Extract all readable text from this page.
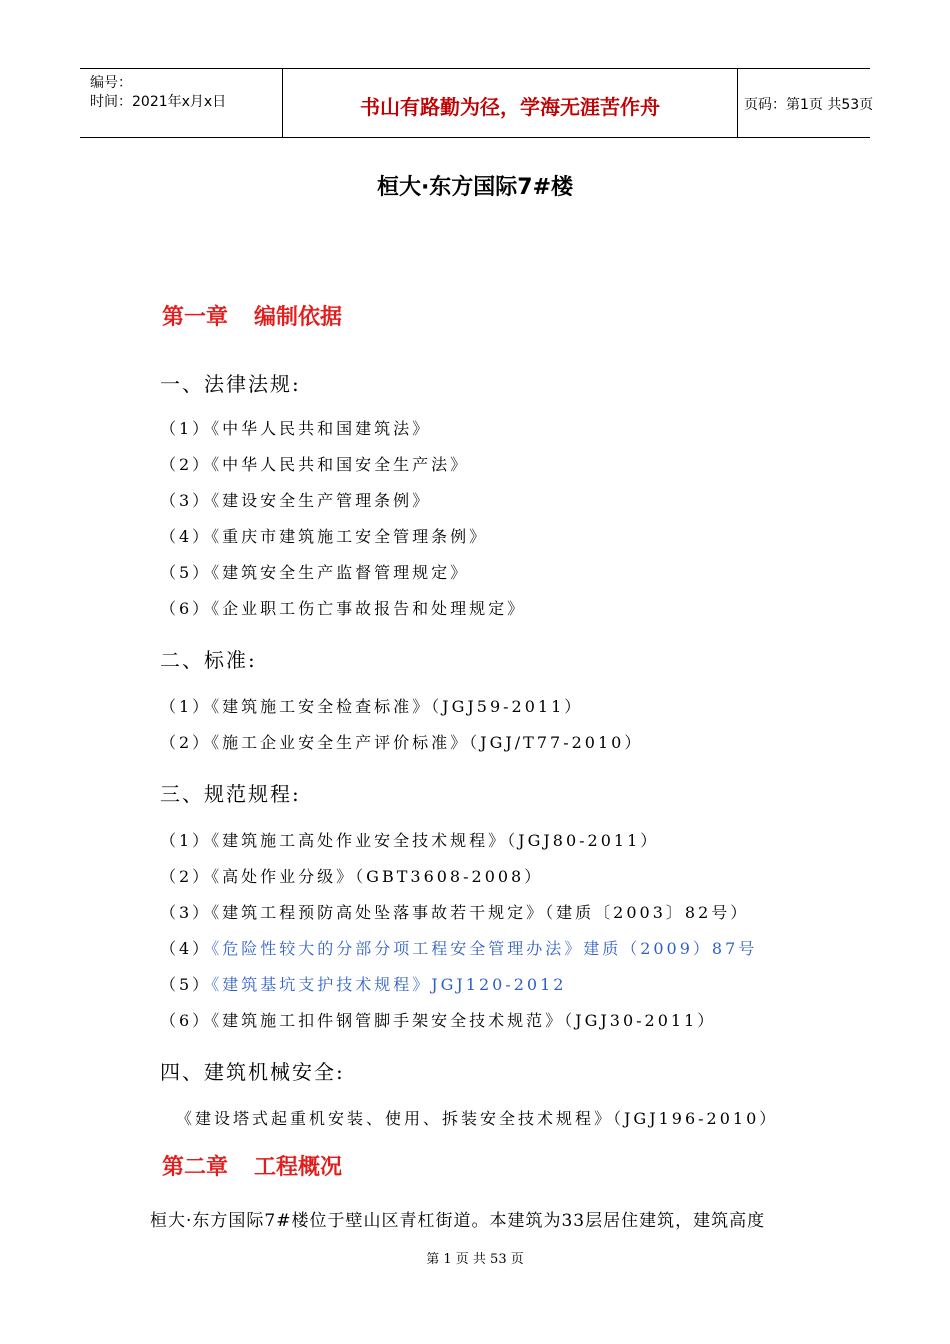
编号：
时间：2021年x月x日	书山有路勤为径，学海无涯苦作舟	页码：第1页 共53页
桓大·东方国际7#楼
第一章 编制依据
一、法律法规:
（1）《中华人民共和国建筑法》
（2）《中华人民共和国安全生产法》
（3）《建设安全生产管理条例》
（4）《重庆市建筑施工安全管理条例》
（5）《建筑安全生产监督管理规定》
（6）《企业职工伤亡事故报告和处理规定》
二、标准:
（1）《建筑施工安全检查标准》（JGJ59-2011）
（2）《施工企业安全生产评价标准》（JGJ/T77-2010）
三、规范规程:
（1）《建筑施工高处作业安全技术规程》（JGJ80-2011）
（2）《高处作业分级》（GBT3608-2008）
（3）《建筑工程预防高处坠落事故若干规定》（建质〔2003〕82号）
（4）《危险性较大的分部分项工程安全管理办法》建质（2009）87号
（5）《建筑基坑支护技术规程》JGJ120-2012
（6）《建筑施工扣件钢管脚手架安全技术规范》（JGJ30-2011）
四、建筑机械安全:
《建设塔式起重机安装、使用、拆装安全技术规程》（JGJ196-2010）
第二章 工程概况
桓大·东方国际7#楼位于壁山区青杠街道。本建筑为33层居住建筑，建筑高度
第 1 页 共 53 页
